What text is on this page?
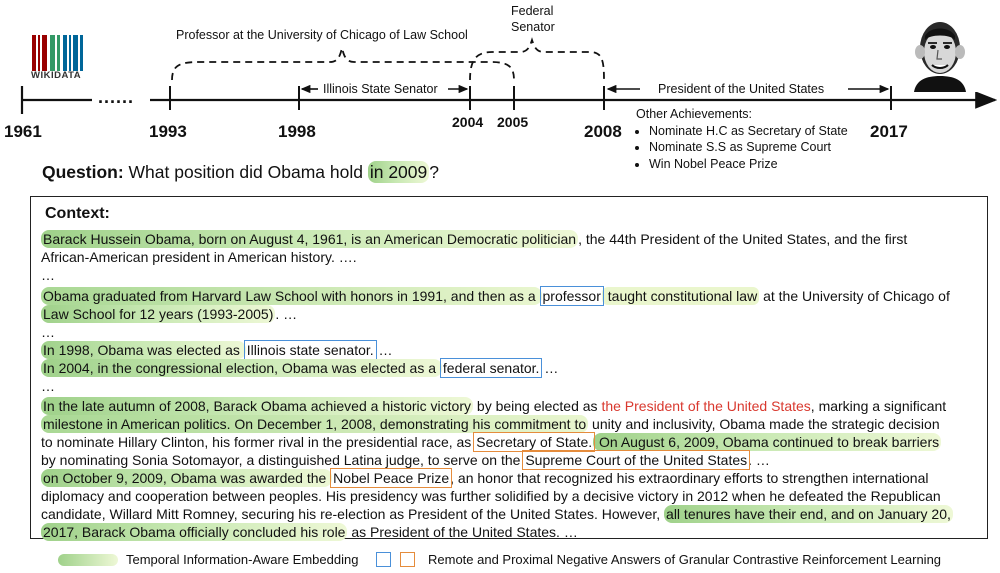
WIKIDATA
Professor at the University of Chicago of Law School
Federal
Senator
Illinois State Senator	President of the United States
......
1961	1993	1998	2004 2005	2008	2017
Other Achievements:
• Nominate H.C as Secretary of State
• Nominate S.S as Supreme Court
• Win Nobel Peace Prize
Question: What position did Obama hold in 2009 ?
Context:
Barack Hussein Obama, born on August 4, 1961, is an American Democratic politician , the 44th President of the United States, and the first
African-American president in American history. ….
…
Obama graduated from Harvard Law School with honors in 1991, and then as a professor taught constitutional law at the University of Chicago of
Law School for 12 years (1993-2005) . …
…
In 1998, Obama was elected as Illinois state senator. …
In 2004, in the congressional election, Obama was elected as a federal senator. …
…
In the late autumn of 2008, Barack Obama achieved a historic victory by being elected as the President of the United States, marking a significant
milestone in American politics. On December 1, 2008, demonstrating his commitment to unity and inclusivity, Obama made the strategic decision
to nominate Hillary Clinton, his former rival in the presidential race, as Secretary of State. On August 6, 2009, Obama continued to break barriers
by nominating Sonia Sotomayor, a distinguished Latina judge, to serve on the Supreme Court of the United States. …
on October 9, 2009, Obama was awarded the Nobel Peace Prize, an honor that recognized his extraordinary efforts to strengthen international
diplomacy and cooperation between peoples. His presidency was further solidified by a decisive victory in 2012 when he defeated the Republican
candidate, Willard Mitt Romney, securing his re-election as President of the United States. However, all tenures have their end, and on January 20,
2017, Barack Obama officially concluded his role as President of the United States. …
Temporal Information-Aware Embedding	Remote and Proximal Negative Answers of Granular Contrastive Reinforcement Learning
